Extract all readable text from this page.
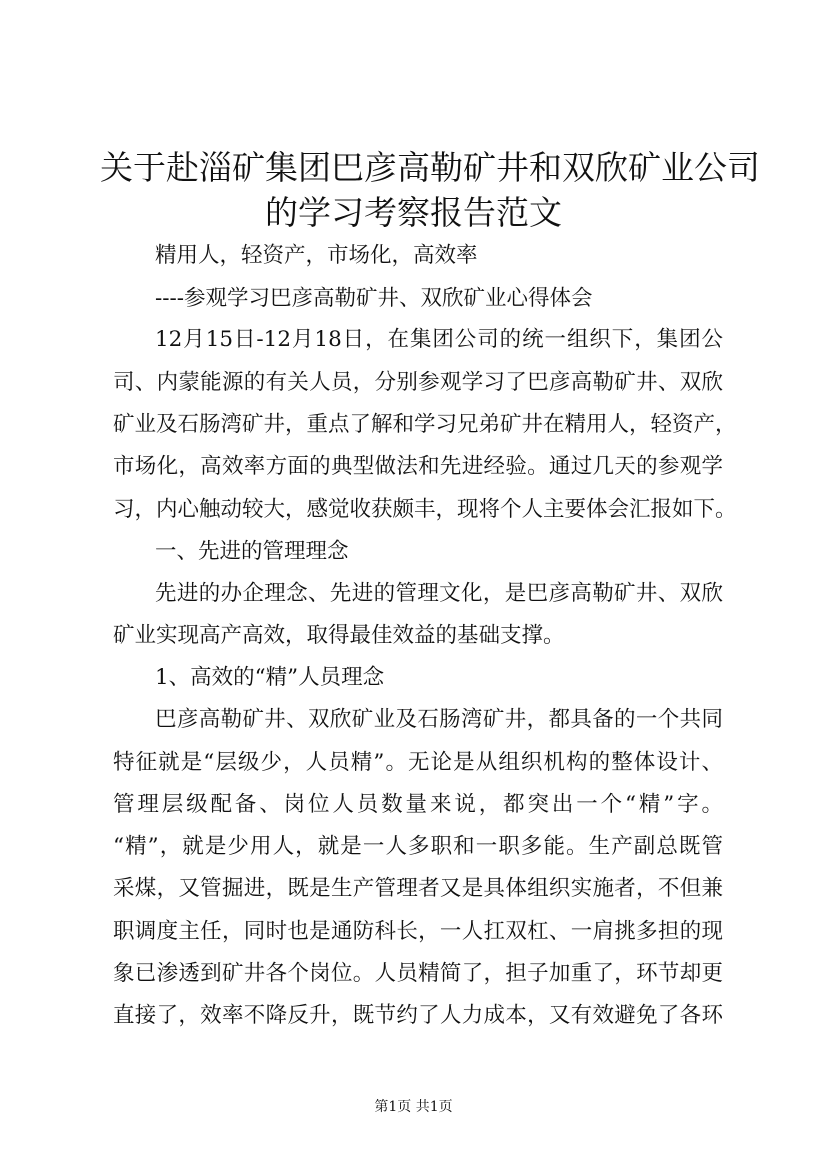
关于赴淄矿集团巴彦高勒矿井和双欣矿业公司
的学习考察报告范文
精用人，轻资产，市场化，高效率
----参观学习巴彦高勒矿井、双欣矿业心得体会
12月15日-12月18日，在集团公司的统一组织下，集团公
司、内蒙能源的有关人员，分别参观学习了巴彦高勒矿井、双欣
矿业及石肠湾矿井，重点了解和学习兄弟矿井在精用人，轻资产，
市场化，高效率方面的典型做法和先进经验。通过几天的参观学
习，内心触动较大，感觉收获颇丰，现将个人主要体会汇报如下。
一、先进的管理理念
先进的办企理念、先进的管理文化，是巴彦高勒矿井、双欣
矿业实现高产高效，取得最佳效益的基础支撑。
1、高效的“精”人员理念
巴彦高勒矿井、双欣矿业及石肠湾矿井，都具备的一个共同
特征就是“层级少，人员精”。无论是从组织机构的整体设计、
管理层级配备、岗位人员数量来说，都突出一个“精”字。
“精”，就是少用人，就是一人多职和一职多能。生产副总既管
采煤，又管掘进，既是生产管理者又是具体组织实施者，不但兼
职调度主任，同时也是通防科长，一人扛双杠、一肩挑多担的现
象已渗透到矿井各个岗位。人员精简了，担子加重了，环节却更
直接了，效率不降反升，既节约了人力成本，又有效避免了各环
第1页 共1页
